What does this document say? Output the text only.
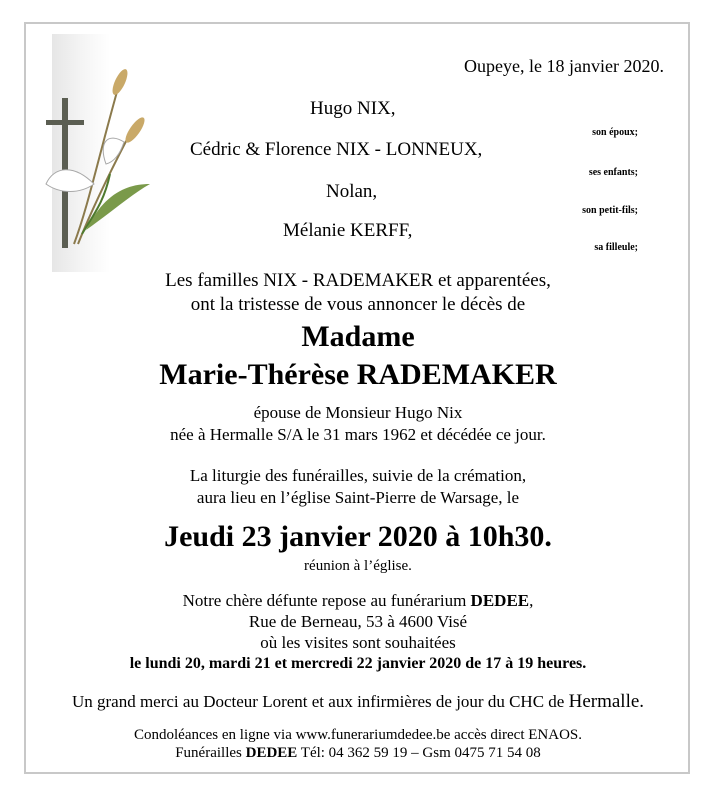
Oupeye, le 18 janvier 2020.
Hugo NIX,
son époux;
Cédric & Florence NIX - LONNEUX,
ses enfants;
Nolan,
son petit-fils;
Mélanie KERFF,
sa filleule;
Les familles NIX - RADEMAKER et apparentées,
ont la tristesse de vous annoncer le décès de
Madame
Marie-Thérèse RADEMAKER
épouse de Monsieur Hugo Nix
née à Hermalle S/A le 31 mars 1962 et décédée ce jour.
La liturgie des funérailles, suivie de la crémation,
aura lieu en l’église Saint-Pierre de Warsage, le
Jeudi 23 janvier 2020 à 10h30.
réunion à l’église.
Notre chère défunte repose au funérarium DEDEE,
Rue de Berneau, 53 à 4600 Visé
où les visites sont souhaitées
le lundi 20, mardi 21 et mercredi 22 janvier 2020 de 17 à 19 heures.
Un grand merci au Docteur Lorent et aux infirmières de jour du CHC de Hermalle.
Condoléances en ligne via www.funerariumdedee.be accès direct ENAOS.
Funérailles DEDEE Tél: 04 362 59 19 – Gsm 0475 71 54 08
